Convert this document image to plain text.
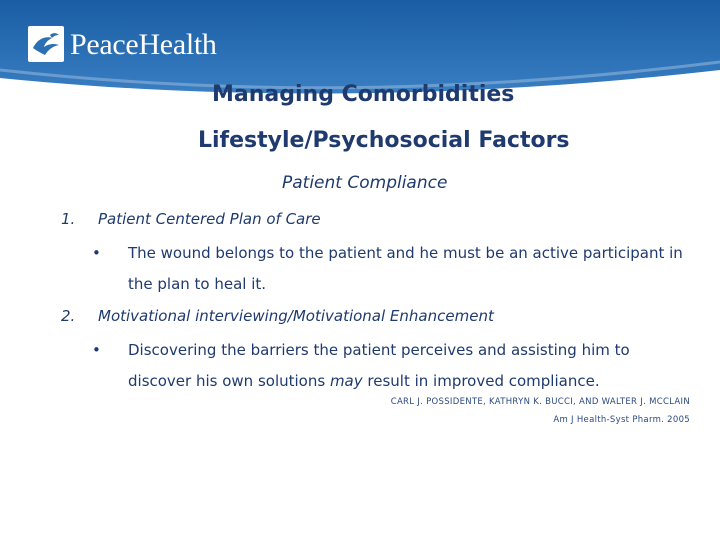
PeaceHealth
Managing Comorbidities
Lifestyle/Psychosocial Factors
Patient Compliance
1. Patient Centered Plan of Care
• The wound belongs to the patient and he must be an active participant in the plan to heal it.
2. Motivational interviewing/Motivational Enhancement
• Discovering the barriers the patient perceives and assisting him to discover his own solutions may result in improved compliance.
CARL J. POSSIDENTE, KATHRYN K. BUCCI, AND WALTER J. MCCLAIN
Am J Health-Syst Pharm. 2005
